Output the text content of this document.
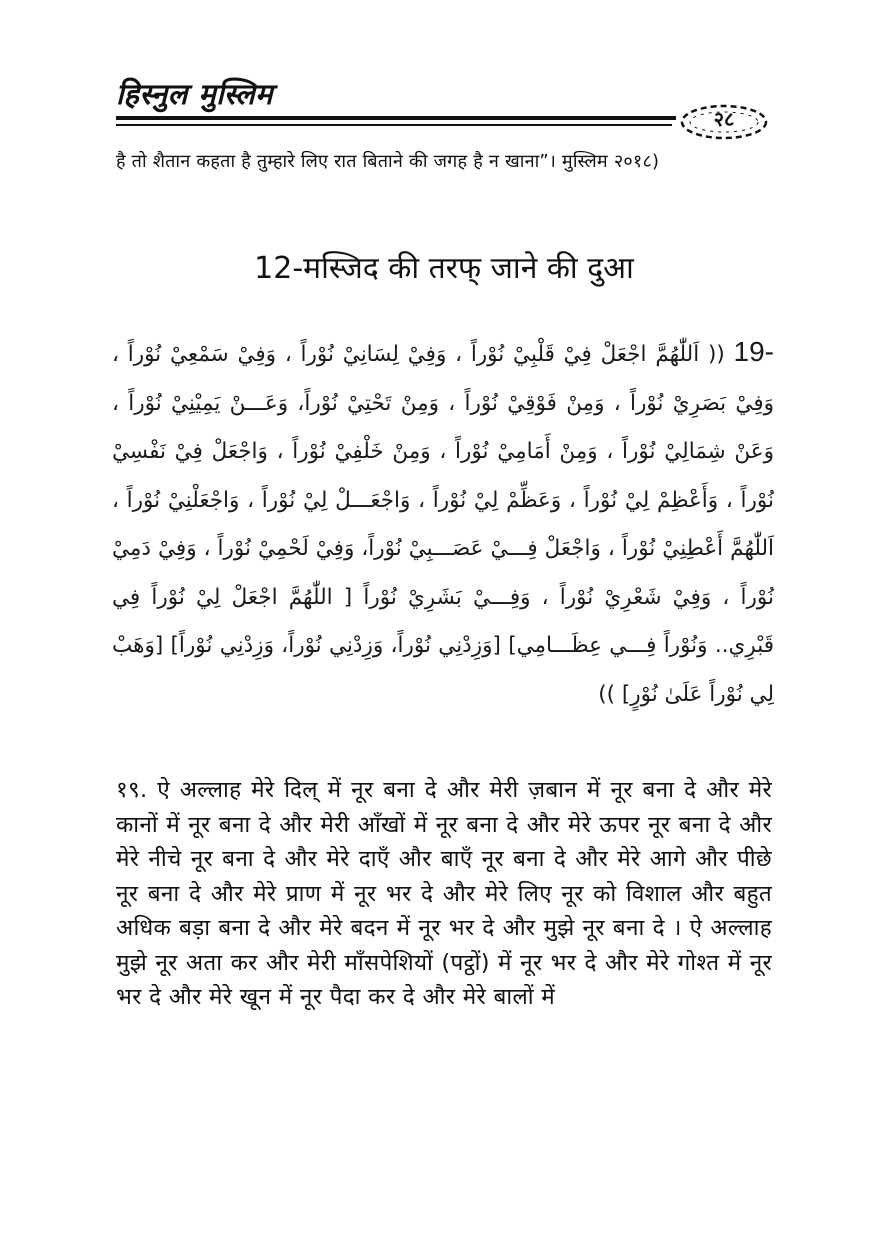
हिस्नुल मुस्लिम
२८

है तो शैतान कहता है तुम्हारे लिए रात बिताने की जगह है न खाना”। मुस्लिम २०१८)

12-मस्जिद की तरफ् जाने की दुआ
19- (( اَللّٰهُمَّ اجْعَلْ فِيْ قَلْبِيْ نُوْراً ، وَفِيْ لِسَانِيْ نُوْراً ، وَفِيْ سَمْعِيْ نُوْراً ، وَفِيْ بَصَرِيْ نُوْراً ، وَمِنْ فَوْقِيْ نُوْراً ، وَمِنْ تَحْتِيْ نُوْراً، وَعَـــنْ يَمِيْنِيْ نُوْراً ، وَعَنْ شِمَالِيْ نُوْراً ، وَمِنْ أَمَامِيْ نُوْراً ، وَمِنْ خَلْفِيْ نُوْراً ، وَاجْعَلْ فِيْ نَفْسِيْ نُوْراً ، وَأَعْظِمْ لِيْ نُوْراً ، وَعَظِّمْ لِيْ نُوْراً ، وَاجْعَـــلْ لِيْ نُوْراً ، وَاجْعَلْنِيْ نُوْراً ، اَللّٰهُمَّ أَعْطِنِيْ نُوْراً ، وَاجْعَلْ فِـــيْ عَصَـــبِيْ نُوْراً، وَفِيْ لَحْمِيْ نُوْراً ، وَفِيْ دَمِيْ نُوْراً ، وَفِيْ شَعْرِيْ نُوْراً ، وَفِـــيْ بَشَرِيْ نُوْراً [ اللّٰهُمَّ اجْعَلْ لِيْ نُوْراً فِي قَبْرِي.. وَنُوْراً فِـــي عِظَـــامِي] [وَزِدْنِي نُوْراً، وَزِدْنِي نُوْراً، وَزِدْنِي نُوْراً] [وَهَبْ لِي نُوْراً عَلَىٰ نُوْرٍ] ))

१९. ऐ अल्लाह मेरे दिल् में नूर बना दे और मेरी ज़बान में नूर बना दे और मेरे कानों में नूर बना दे और मेरी आँखों में नूर बना दे और मेरे ऊपर नूर बना दे और मेरे नीचे नूर बना दे और मेरे दाएँ और बाएँ नूर बना दे और मेरे आगे और पीछे नूर बना दे और मेरे प्राण में नूर भर दे और मेरे लिए नूर को विशाल और बहुत अधिक बड़ा बना दे और मेरे बदन में नूर भर दे और मुझे नूर बना दे । ऐ अल्लाह मुझे नूर अता कर और मेरी माँसपेशियों (पट्ठों) में नूर भर दे और मेरे गोश्त में नूर भर दे और मेरे खून में नूर पैदा कर दे और मेरे बालों में
